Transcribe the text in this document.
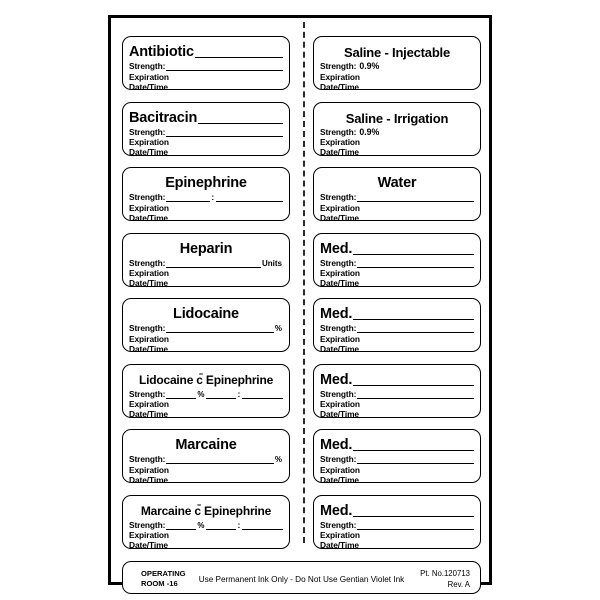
Antibiotic
Strength:
Expiration
Date/Time
Bacitracin
Strength:
Expiration
Date/Time
Epinephrine
Strength:	:
Expiration
Date/Time
Heparin
Strength:	Units
Expiration
Date/Time
Lidocaine
Strength:	%
Expiration
Date/Time
Lidocaine c̄ Epinephrine
Strength:	%	:
Expiration
Date/Time
Marcaine
Strength:	%
Expiration
Date/Time
Marcaine c̄ Epinephrine
Strength:	%	:
Expiration
Date/Time
Saline - Injectable
Strength: 0.9%
Expiration
Date/Time
Saline - Irrigation
Strength: 0.9%
Expiration
Date/Time
Water
Strength:
Expiration
Date/Time
Med.
Strength:
Expiration
Date/Time
Med.
Strength:
Expiration
Date/Time
Med.
Strength:
Expiration
Date/Time
Med.
Strength:
Expiration
Date/Time
Med.
Strength:
Expiration
Date/Time
OPERATING
ROOM -16	Use Permanent Ink Only - Do Not Use Gentian Violet Ink
Pt. No.120713
Rev. A
